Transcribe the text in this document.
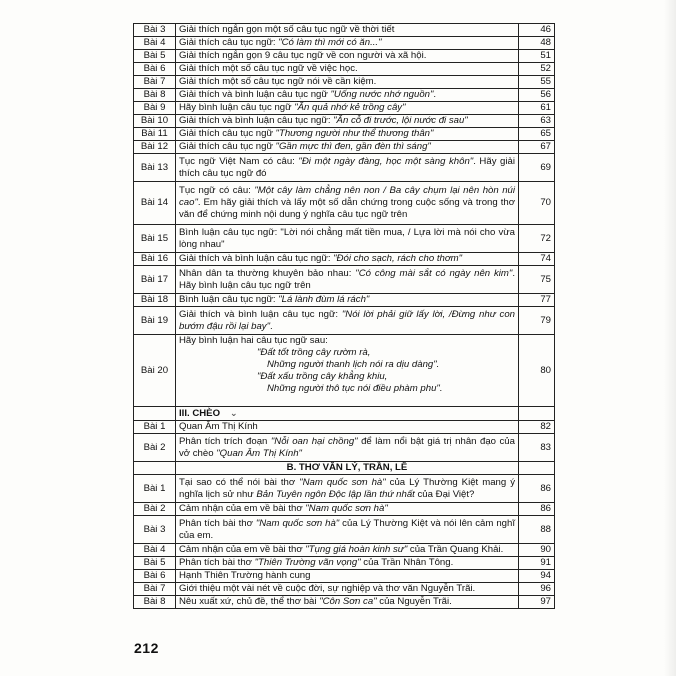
Bài 3	Giải thích ngắn gọn một số câu tục ngữ về thời tiết	46
Bài 4	Giải thích câu tục ngữ: "Có làm thì mới có ăn..."	48
Bài 5	Giải thích ngắn gọn 9 câu tục ngữ về con người và xã hội.	51
Bài 6	Giải thích một số câu tục ngữ về việc học.	52
Bài 7	Giải thích một số câu tục ngữ nói về cần kiệm.	55
Bài 8	Giải thích và bình luận câu tục ngữ "Uống nước nhớ nguồn".	56
Bài 9	Hãy bình luận câu tục ngữ "Ăn quả nhớ kẻ trồng cây"	61
Bài 10	Giải thích và bình luận câu tục ngữ: "Ăn cỗ đi trước, lội nước đi sau"	63
Bài 11	Giải thích câu tục ngữ "Thương người như thể thương thân"	65
Bài 12	Giải thích câu tục ngữ "Gần mực thì đen, gần đèn thì sáng"	67
Bài 13	Tục ngữ Việt Nam có câu: "Đi một ngày đàng, học một sàng khôn". Hãy giải thích câu tục ngữ đó	69
Bài 14	Tục ngữ có câu: "Một cây làm chẳng nên non / Ba cây chụm lại nên hòn núi cao". Em hãy giải thích và lấy một số dẫn chứng trong cuộc sống và trong thơ văn để chứng minh nội dung ý nghĩa câu tục ngữ trên	70
Bài 15	Bình luận câu tục ngữ: "Lời nói chẳng mất tiền mua, / Lựa lời mà nói cho vừa lòng nhau"	72
Bài 16	Giải thích và bình luận câu tục ngữ: "Đói cho sạch, rách cho thơm"	74
Bài 17	Nhân dân ta thường khuyên bảo nhau: "Có công mài sắt có ngày nên kim". Hãy bình luận câu tục ngữ trên	75
Bài 18	Bình luận câu tục ngữ: "Lá lành đùm lá rách"	77
Bài 19	Giải thích và bình luận câu tục ngữ: "Nói lời phải giữ lấy lời, /Đừng như con bướm đậu rồi lại bay".	79
Bài 20	Hãy bình luận hai câu tục ngữ sau:
"Đất tốt trồng cây rườm rà,
Những người thanh lịch nói ra dịu dàng".
"Đất xấu trồng cây khẳng khiu,
Những người thô tục nói điều phàm phu".	80
	III. CHÈO ⌄	
Bài 1	Quan Âm Thị Kính	82
Bài 2	Phân tích trích đoạn "Nỗi oan hại chồng" để làm nổi bật giá trị nhân đạo của vở chèo "Quan Âm Thị Kính"	83
	B. THƠ VĂN LÝ, TRẦN, LÊ	
Bài 1	Tại sao có thể nói bài thơ "Nam quốc sơn hà" của Lý Thường Kiệt mang ý nghĩa lịch sử như Bản Tuyên ngôn Độc lập lần thứ nhất của Đại Việt?	86
Bài 2	Cảm nhận của em về bài thơ "Nam quốc sơn hà"	86
Bài 3	Phân tích bài thơ "Nam quốc sơn hà" của Lý Thường Kiệt và nói lên cảm nghĩ của em.	88
Bài 4	Cảm nhận của em về bài thơ "Tụng giá hoàn kinh sư" của Trần Quang Khải.	90
Bài 5	Phân tích bài thơ "Thiên Trường vãn vọng" của Trần Nhân Tông.	91
Bài 6	Hạnh Thiên Trường hành cung	94
Bài 7	Giới thiệu một vài nét về cuộc đời, sự nghiệp và thơ văn Nguyễn Trãi.	96
Bài 8	Nêu xuất xứ, chủ đề, thể thơ bài "Côn Sơn ca" của Nguyễn Trãi.	97
212
